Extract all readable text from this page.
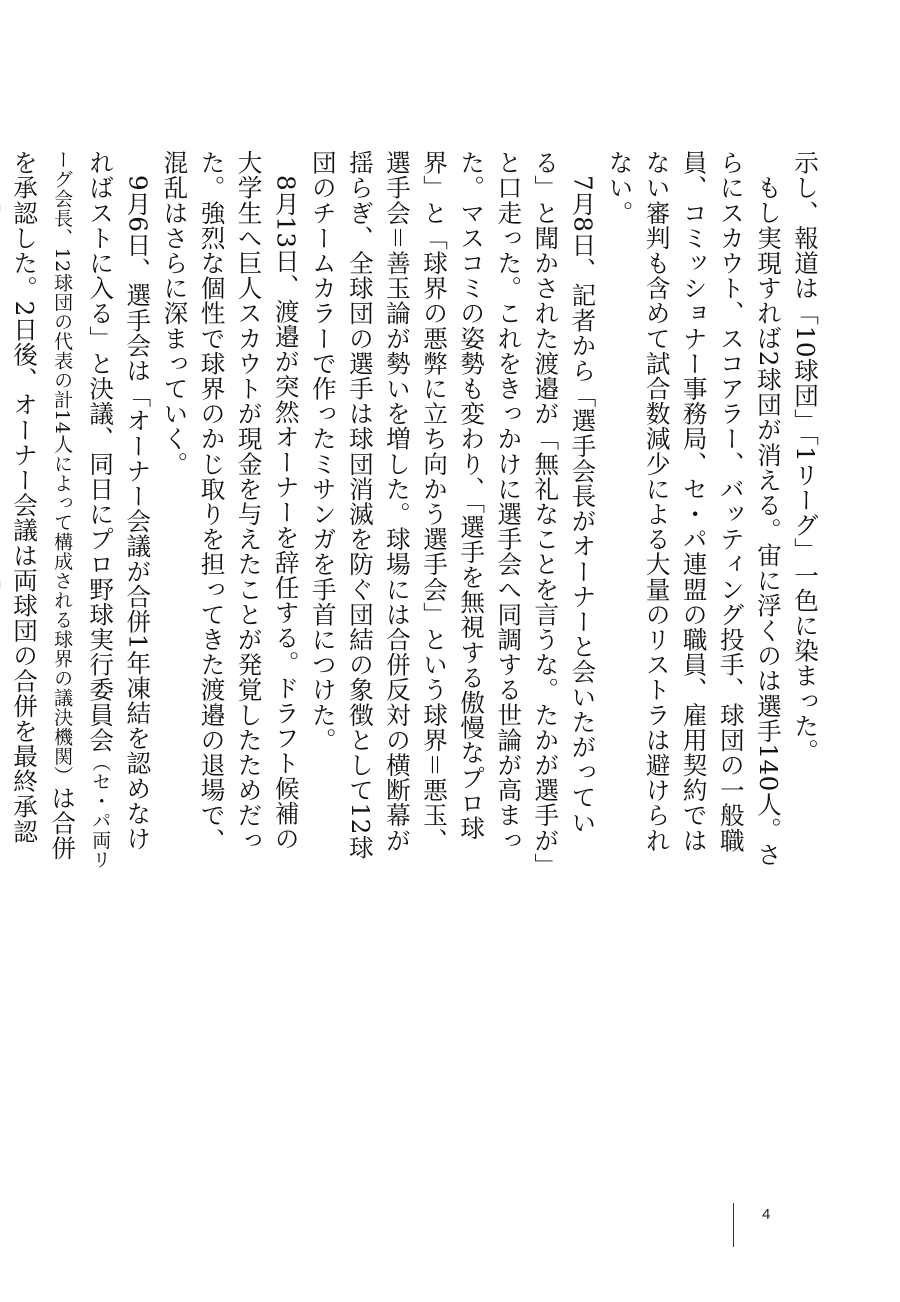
示し、報道は「10球団」「1リーグ」一色に染まった。

もし実現すれば2球団が消える。宙に浮くのは選手140人。さらにスカウト、スコアラー、バッティング投手、球団の一般職員、コミッショナー事務局、セ・パ連盟の職員、雇用契約ではない審判も含めて試合数減少による大量のリストラは避けられない。

7月8日、記者から「選手会長がオーナーと会いたがっている」と聞かされた渡邉が「無礼なことを言うな。たかが選手が」と口走った。これをきっかけに選手会へ同調する世論が高まった。マスコミの姿勢も変わり、「選手を無視する傲慢なプロ球界」と「球界の悪弊に立ち向かう選手会」という球界＝悪玉、選手会＝善玉論が勢いを増した。球場には合併反対の横断幕が揺らぎ、全球団の選手は球団消滅を防ぐ団結の象徴として12球団のチームカラーで作ったミサンガを手首につけた。

8月13日、渡邉が突然オーナーを辞任する。ドラフト候補の大学生へ巨人スカウトが現金を与えたことが発覚したためだった。強烈な個性で球界のかじ取りを担ってきた渡邉の退場で、混乱はさらに深まっていく。

9月6日、選手会は「オーナー会議が合併1年凍結を認めなければストに入る」と決議、同日にプロ野球実行委員会（セ・パ両リーグ会長、12球団の代表の計14人によって構成される球界の議決機関）は合併を承認した。2日後、オーナー会議は両球団の合併を最終承認

4
